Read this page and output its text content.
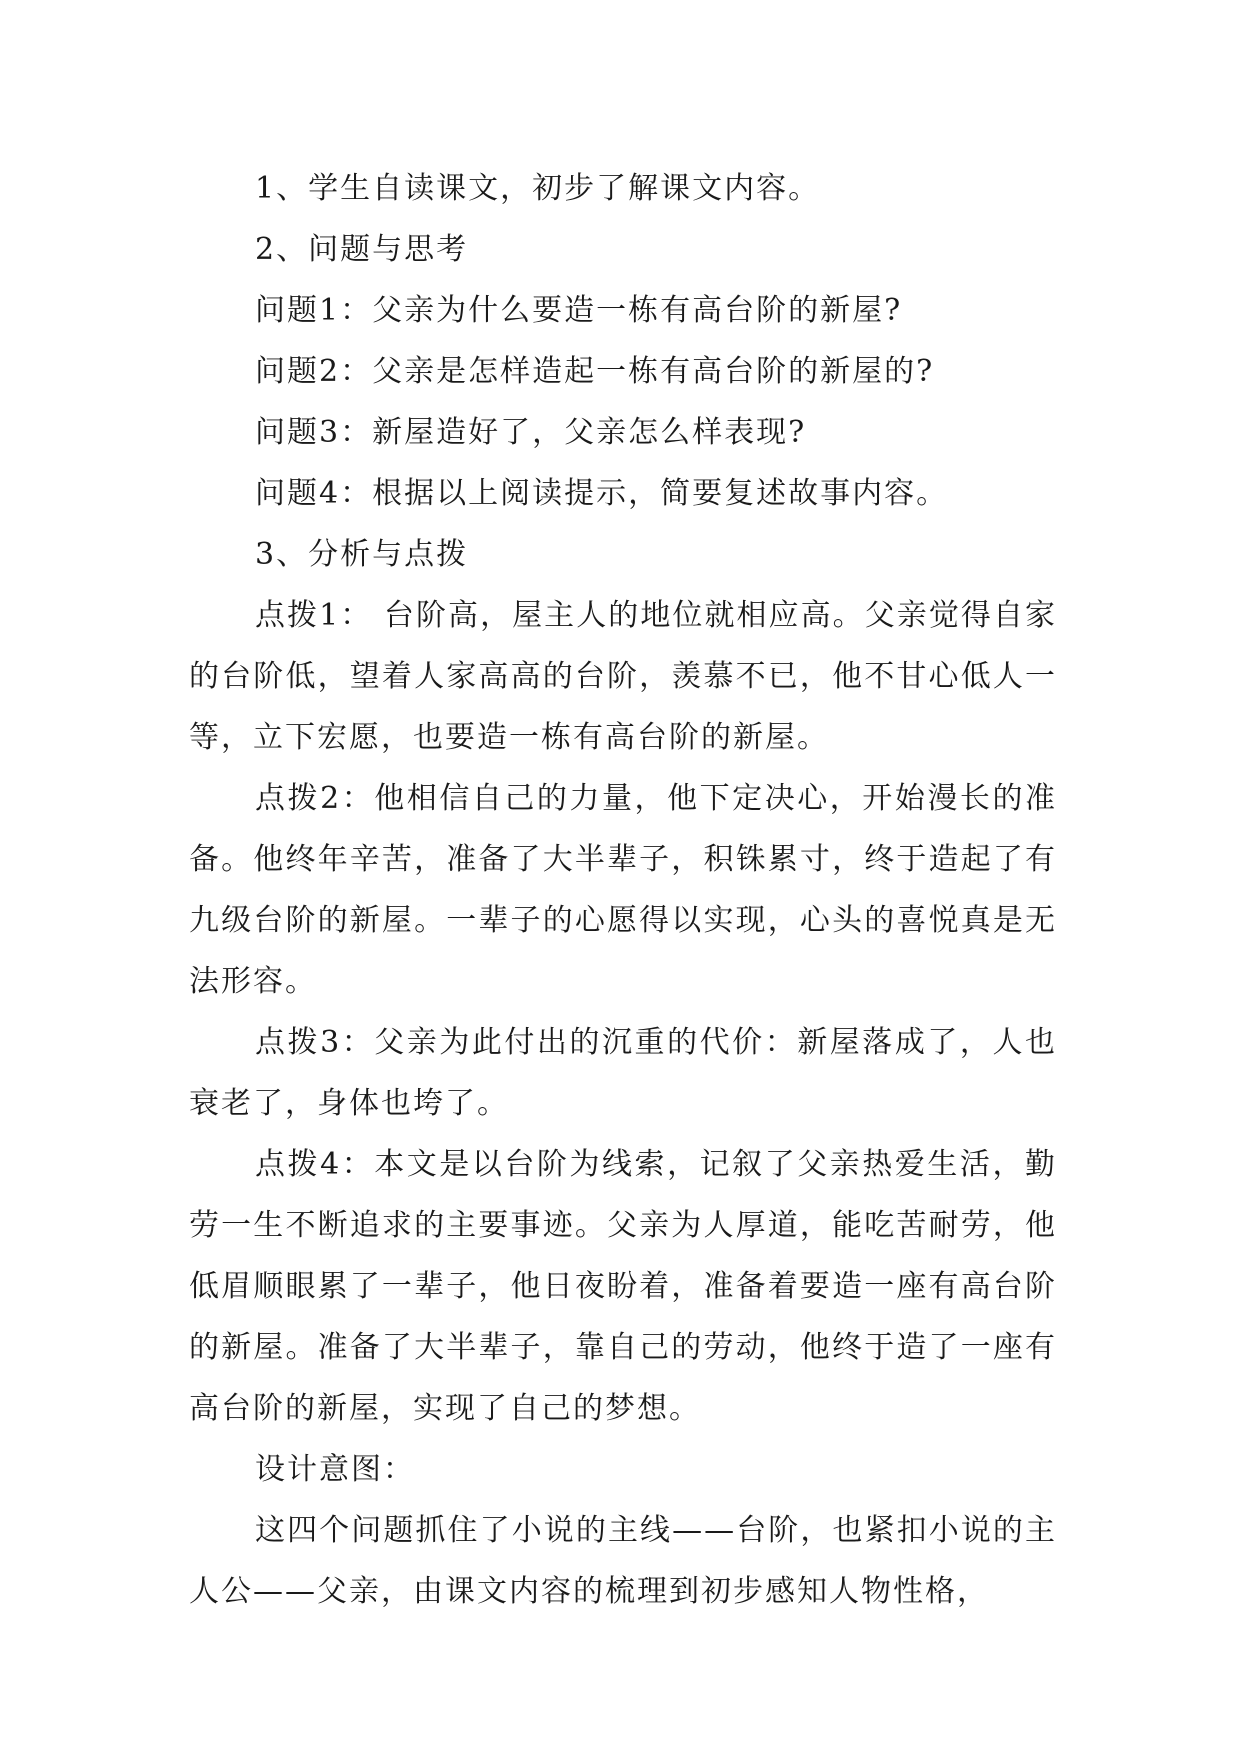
1、学生自读课文，初步了解课文内容。

2、问题与思考

问题1：父亲为什么要造一栋有高台阶的新屋?

问题2：父亲是怎样造起一栋有高台阶的新屋的?

问题3：新屋造好了，父亲怎么样表现?

问题4：根据以上阅读提示，简要复述故事内容。

3、分析与点拨

点拨1： 台阶高，屋主人的地位就相应高。父亲觉得自家的台阶低，望着人家高高的台阶，羡慕不已，他不甘心低人一等，立下宏愿，也要造一栋有高台阶的新屋。

点拨2：他相信自己的力量，他下定决心，开始漫长的准备。他终年辛苦，准备了大半辈子，积铢累寸，终于造起了有九级台阶的新屋。一辈子的心愿得以实现，心头的喜悦真是无法形容。

点拨3：父亲为此付出的沉重的代价：新屋落成了，人也衰老了，身体也垮了。

点拨4：本文是以台阶为线索，记叙了父亲热爱生活，勤劳一生不断追求的主要事迹。父亲为人厚道，能吃苦耐劳，他低眉顺眼累了一辈子，他日夜盼着，准备着要造一座有高台阶的新屋。准备了大半辈子，靠自己的劳动，他终于造了一座有高台阶的新屋，实现了自己的梦想。

设计意图：

这四个问题抓住了小说的主线——台阶，也紧扣小说的主人公——父亲，由课文内容的梳理到初步感知人物性格，
